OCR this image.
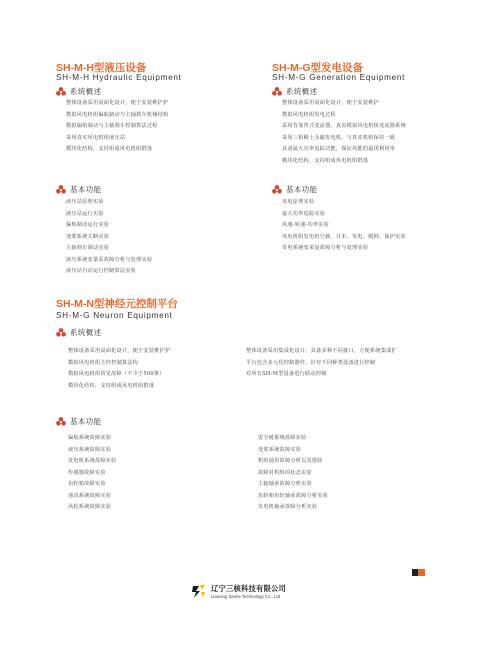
SH-M-H型液压设备
SH-M-H Hydraulic Equipment
系统概述
整体设备采用桌面化设计，便于安装维护护
模拟风电机组偏航制动与主轴刹车机械结构
模拟偏航制动与主轴刹车控制算法过程
采用真实风电机组液压站
模块化结构，支持组成风电机组群落
基本功能
液压站原理实验
液压站运行实验
偏航制动运行实验
变桨系统关断实验
主轴刹车制动实验
液压系统变量采故障分析与处理实验
液压站自动运行控制算法实验
SH-M-G型发电设备
SH-M-G Generation Equipment
系统概述
整体设备采用桌面化设计，便于安装维护
模拟风电机组发电过程
采用背靠背式变流器，真实模拟风电机组变流器系统
采用三相稀土永磁发电机，与真实机组保持一致
具备最大功率追踪功能，保证风能的最优利用率
模块化结构，支持组成风电机组群落
基本功能
发电原理实验
最大功率追踪实验
风速-转速-功率实验
风电机组发电机空载、并未、发电、脱网、保护实验
发电系统变采复故障分析与处理实验
SH-M-N型神经元控制平台
SH-M-G Neuron Equipment
系统概述
整体设备采用桌面化设计，便于安装维护护
模拟风电机组主控控制算法构
模拟风电机组常见故障（不少于500条）
模块化结构，支持组成风电机组群落
整体设备采用集成化设计，具备多种不同接口，方便系统集成扩
平台包含多元化控制器件，针对不同种类设备进行控制
对所有SH-M型设备进行联动控制
基本功能
偏航系统故障实验
液压系统故障实验
发电机系统故障实验
传感器故障实验
齿轮箱故障实验
通讯系统故障实验
风轮系统故障实验
安全链系统故障实验
变桨系统故障实验
机组通用故障分析以及排除
故障对机组的状态实验
主轴轴承故障分析实验
齿轮箱齿轮轴承故障分析实验
发电机轴承故障分析实验
辽宁三核科技有限公司
Liaoning Sanhe Technology Co., Ltd
